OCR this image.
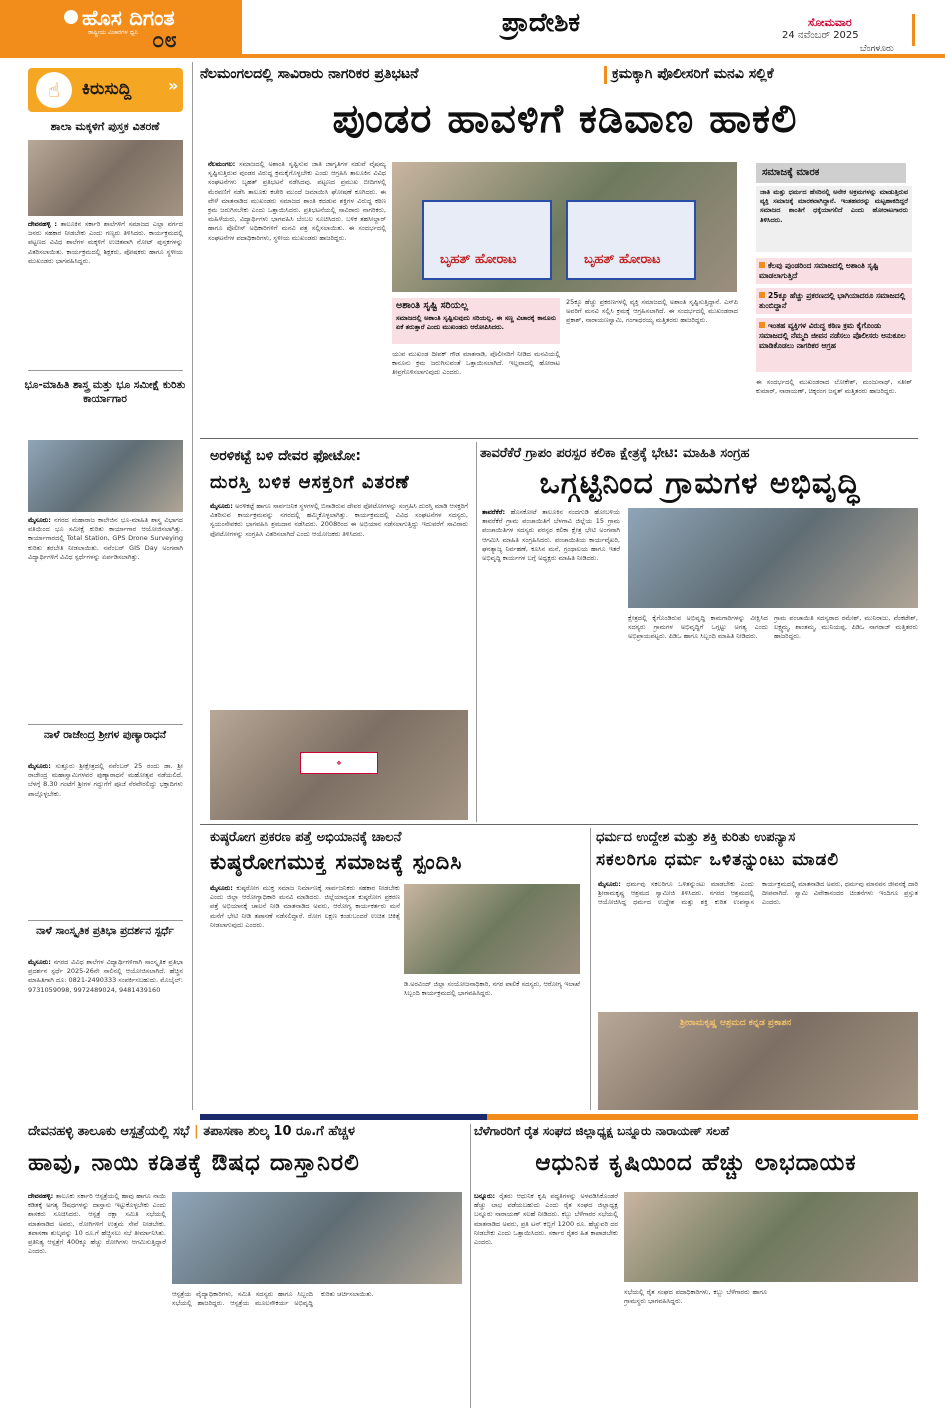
ಹೊಸ ದಿಗಂತ
ರಾಷ್ಟ್ರೀಯ ವಿಚಾರಗಳ ಧ್ವನಿ ೦೮
ಪ್ರಾದೇಶಿಕ	ಸೋಮವಾರ
24 ನವೆಂಬರ್ 2025
ಬೆಂಗಳೂರು
☝	ಕಿರುಸುದ್ದಿ »
ಶಾಲಾ ಮಕ್ಕಳಿಗೆ ಪುಸ್ತಕ ವಿತರಣೆ
ದೇವನಹಳ್ಳಿ : ತಾಲೂಕಿನ ಸರ್ಕಾರಿ ಶಾಲೆಗಳಿಗೆ ಸಮಾಜದ ಎಲ್ಲಾ ವರ್ಗದ ಜನರು ಸಹಕಾರ ನೀಡಬೇಕು ಎಂದು ಗಣ್ಯರು ತಿಳಿಸಿದರು. ಕಾರ್ಯಕ್ರಮದಲ್ಲಿ ಪಟ್ಟಣದ ವಿವಿಧ ಶಾಲೆಗಳ ಮಕ್ಕಳಿಗೆ ಉಚಿತವಾಗಿ ನೋಟ್ ಪುಸ್ತಕಗಳನ್ನು ವಿತರಿಸಲಾಯಿತು. ಕಾರ್ಯಕ್ರಮದಲ್ಲಿ ಶಿಕ್ಷಕರು, ಪೋಷಕರು ಹಾಗೂ ಸ್ಥಳೀಯ ಮುಖಂಡರು ಭಾಗವಹಿಸಿದ್ದರು.
ಭೂ-ಮಾಹಿತಿ ಶಾಸ್ತ್ರ ಮತ್ತು ಭೂ ಸಮೀಕ್ಷೆ ಕುರಿತು ಕಾರ್ಯಾಗಾರ
ಮೈಸೂರು: ನಗರದ ಮಹಾರಾಜ ಕಾಲೇಜಿನ ಭೂ-ಮಾಹಿತಿ ಶಾಸ್ತ್ರ ವಿಭಾಗದ ವತಿಯಿಂದ ಭೂ ಸಮೀಕ್ಷೆ ಕುರಿತು ಕಾರ್ಯಾಗಾರ ಆಯೋಜಿಸಲಾಗಿತ್ತು. ಕಾರ್ಯಾಗಾರದಲ್ಲಿ Total Station, GPS Drone Surveying ಕುರಿತು ತರಬೇತಿ ನೀಡಲಾಯಿತು. ನವೆಂಬರ್ GIS Day ಅಂಗವಾಗಿ ವಿದ್ಯಾರ್ಥಿಗಳಿಗೆ ವಿವಿಧ ಸ್ಪರ್ಧೆಗಳನ್ನು ಏರ್ಪಡಿಸಲಾಗಿತ್ತು.
ನಾಳೆ ರಾಜೇಂದ್ರ ಶ್ರೀಗಳ ಪುಣ್ಯಾರಾಧನೆ
ಮೈಸೂರು: ಸುತ್ತೂರು ಶ್ರೀಕ್ಷೇತ್ರದಲ್ಲಿ ನವೆಂಬರ್ 25 ರಂದು ಡಾ. ಶ್ರೀ ರಾಜೇಂದ್ರ ಮಹಾಸ್ವಾಮಿಗಳವರ ಪುಣ್ಯಾರಾಧನೆ ಮಹೋತ್ಸವ ನಡೆಯಲಿದೆ. ಬೆಳಗ್ಗೆ 8.30 ಗಂಟೆಗೆ ಶ್ರೀಗಳ ಗದ್ದುಗೆಗೆ ಪೂಜೆ ನೆರವೇರಲಿದ್ದು ಭಕ್ತಾದಿಗಳು ಪಾಲ್ಗೊಳ್ಳಬೇಕು.
ನಾಳೆ ಸಾಂಸ್ಕೃತಿಕ ಪ್ರತಿಭಾ ಪ್ರದರ್ಶನ ಸ್ಪರ್ಧೆ
ಮೈಸೂರು: ನಗರದ ವಿವಿಧ ಶಾಲೆಗಳ ವಿದ್ಯಾರ್ಥಿಗಳಿಗಾಗಿ ಸಾಂಸ್ಕೃತಿಕ ಪ್ರತಿಭಾ ಪ್ರದರ್ಶನ ಸ್ಪರ್ಧೆ 2025-26ನೇ ಸಾಲಿನಲ್ಲಿ ಆಯೋಜಿಸಲಾಗಿದೆ. ಹೆಚ್ಚಿನ ಮಾಹಿತಿಗಾಗಿ ದೂ: 0821-2490333 ಸಂಪರ್ಕಿಸಬಹುದು. ಮೊಬೈಲ್: 9731059098, 9972489024, 9481439160
ನೆಲಮಂಗಲದಲ್ಲಿ ಸಾವಿರಾರು ನಾಗರಿಕರ ಪ್ರತಿಭಟನೆ	ಕ್ರಮಕ್ಕಾಗಿ ಪೊಲೀಸರಿಗೆ ಮನವಿ ಸಲ್ಲಿಕೆ
ಪುಂಡರ ಹಾವಳಿಗೆ ಕಡಿವಾಣ ಹಾಕಲಿ
ನೆಲಮಂಗಲ: ಸಮಾಜದಲ್ಲಿ ಅಶಾಂತಿ ಸೃಷ್ಟಿಸುವ ಜಾತಿ ಜಾಗೃತಿಗಳ ನಡುವೆ ವೈಷಮ್ಯ ಸೃಷ್ಟಿಸುತ್ತಿರುವ ಪುಂಡರ ವಿರುದ್ಧ ಕ್ರಮಕೈಗೊಳ್ಳಬೇಕು ಎಂದು ಆಗ್ರಹಿಸಿ ತಾಲೂಕಿನ ವಿವಿಧ ಸಂಘಟನೆಗಳು ಬೃಹತ್ ಪ್ರತಿಭಟನೆ ನಡೆಸಿದವು. ಪಟ್ಟಣದ ಪ್ರಮುಖ ಬೀದಿಗಳಲ್ಲಿ ಮೆರವಣಿಗೆ ನಡೆಸಿ ತಾಲೂಕು ಕಚೇರಿ ಮುಂದೆ ಜಮಾಯಿಸಿ ಘೋಷಣೆ ಕೂಗಿದರು. ಈ ವೇಳೆ ಮಾತನಾಡಿದ ಮುಖಂಡರು ಸಮಾಜದ ಶಾಂತಿ ಕದಡುವ ಶಕ್ತಿಗಳ ವಿರುದ್ಧ ಕಠಿಣ ಕ್ರಮ ಜರುಗಿಸಬೇಕು ಎಂದು ಒತ್ತಾಯಿಸಿದರು. ಪ್ರತಿಭಟನೆಯಲ್ಲಿ ಸಾವಿರಾರು ನಾಗರಿಕರು, ಮಹಿಳೆಯರು, ವಿದ್ಯಾರ್ಥಿಗಳು ಭಾಗವಹಿಸಿ ಬೆಂಬಲ ಸೂಚಿಸಿದರು. ಬಳಿಕ ತಹಸೀಲ್ದಾರ್ ಹಾಗೂ ಪೊಲೀಸ್ ಅಧಿಕಾರಿಗಳಿಗೆ ಮನವಿ ಪತ್ರ ಸಲ್ಲಿಸಲಾಯಿತು. ಈ ಸಂದರ್ಭದಲ್ಲಿ ಸಂಘಟನೆಗಳ ಪದಾಧಿಕಾರಿಗಳು, ಸ್ಥಳೀಯ ಮುಖಂಡರು ಹಾಜರಿದ್ದರು.
ಬೃಹತ್ ಹೋರಾಟ	ಬೃಹತ್ ಹೋರಾಟ
ಅಶಾಂತಿ ಸೃಷ್ಟಿ ಸರಿಯಲ್ಲ
ಸಮಾಜದಲ್ಲಿ ಅಶಾಂತಿ ಸೃಷ್ಟಿಸುವುದು ಸರಿಯಲ್ಲ. ಈ ಸಣ್ಣ ವಿಚಾರಕ್ಕೆ ಕಾನೂನು ಏಕೆ ತರುತ್ತಾರೆ ಎಂದು ಮುಖಂಡರು ಆರೋಪಿಸಿದರು.
ಯುವ ಮುಖಂಡ ದೀಪಕ್ ಗೌಡ ಮಾತನಾಡಿ, ಪೊಲೀಸರಿಗೆ ನೀಡಿದ ಮನವಿಯಲ್ಲಿ ಕಾನೂನು ಕ್ರಮ ಜರುಗಿಸುವಂತೆ ಒತ್ತಾಯಿಸಲಾಗಿದೆ. ಇಲ್ಲವಾದಲ್ಲಿ ಹೋರಾಟ ತೀವ್ರಗೊಳಿಸಲಾಗುವುದು ಎಂದರು.
25ಕ್ಕೂ ಹೆಚ್ಚು ಪ್ರಕರಣಗಳಲ್ಲಿ ವ್ಯಕ್ತಿ ಸಮಾಜದಲ್ಲಿ ಅಶಾಂತಿ ಸೃಷ್ಟಿಸುತ್ತಿದ್ದಾನೆ. ಎಸ್‌ಪಿ ಅವರಿಗೆ ಮನವಿ ಸಲ್ಲಿಸಿ ಕ್ರಮಕ್ಕೆ ಆಗ್ರಹಿಸಲಾಗಿದೆ. ಈ ಸಂದರ್ಭದಲ್ಲಿ ಮುಖಂಡರಾದ ಪ್ರಕಾಶ್, ನಾರಾಯಣಸ್ವಾಮಿ, ಗಂಗಾಧರಯ್ಯ ಮತ್ತಿತರರು ಹಾಜರಿದ್ದರು.
ಸಮಾಜಕ್ಕೆ ಮಾರಕ
ಜಾತಿ ಮತ್ತು ಧರ್ಮದ ಹೆಸರಿನಲ್ಲಿ ಅನೇಕ ಅಕ್ರಮಗಳನ್ನು ಮಾಡುತ್ತಿರುವ ವ್ಯಕ್ತಿ ಸಮಾಜಕ್ಕೆ ಮಾರಕವಾಗಿದ್ದಾನೆ. ಇಂತಹವರನ್ನು ಮಟ್ಟಹಾಕದಿದ್ದರೆ ಸಮಾಜದ ಶಾಂತಿಗೆ ಧಕ್ಕೆಯಾಗಲಿದೆ ಎಂದು ಹೋರಾಟಗಾರರು ತಿಳಿಸಿದರು.
ಕೆಲವು ಪುಂಡರಿಂದ ಸಮಾಜದಲ್ಲಿ ಅಶಾಂತಿ ಸೃಷ್ಟಿ ಮಾಡಲಾಗುತ್ತಿದೆ
25ಕ್ಕೂ ಹೆಚ್ಚು ಪ್ರಕರಣದಲ್ಲಿ ಭಾಗಿಯಾದರೂ ಸಮಾಜದಲ್ಲಿ ತುಂಬಿದ್ದಾನೆ
ಇಂತಹ ವ್ಯಕ್ತಿಗಳ ವಿರುದ್ಧ ಕಠಿಣ ಕ್ರಮ ಕೈಗೊಂಡು ಸಮಾಜದಲ್ಲಿ ನೆಮ್ಮದಿ ಜೀವನ ನಡೆಸಲು ಪೊಲೀಸರು ಅನುಕೂಲ ಮಾಡಿಕೊಡಲು ನಾಗರಿಕರ ಆಗ್ರಹ
ಈ ಸಂದರ್ಭದಲ್ಲಿ ಮುಖಂಡರಾದ ಲೋಕೇಶ್, ಮಂಜುನಾಥ್, ಸತೀಶ್ ಕುಮಾರ್, ನಾರಾಯಣ್, ಚಿಕ್ಕರಂಗ ಜನ್ನತ್ ಮತ್ತಿತರರು ಹಾಜರಿದ್ದರು.
ಅರಳಿಕಟ್ಟೆ ಬಳಿ ದೇವರ ಫೋಟೋ:
ದುರಸ್ತಿ ಬಳಿಕ ಆಸಕ್ತರಿಗೆ ವಿತರಣೆ
ಮೈಸೂರು: ಅರಳಿಕಟ್ಟೆ ಹಾಗೂ ಸಾರ್ವಜನಿಕ ಸ್ಥಳಗಳಲ್ಲಿ ಬಿಸಾಡಿರುವ ದೇವರ ಫೋಟೋಗಳನ್ನು ಸಂಗ್ರಹಿಸಿ ದುರಸ್ತಿ ಮಾಡಿ ಆಸಕ್ತರಿಗೆ ವಿತರಿಸುವ ಕಾರ್ಯಕ್ರಮವನ್ನು ನಗರದಲ್ಲಿ ಹಮ್ಮಿಕೊಳ್ಳಲಾಗಿತ್ತು. ಕಾರ್ಯಕ್ರಮದಲ್ಲಿ ವಿವಿಧ ಸಂಘಟನೆಗಳ ಸದಸ್ಯರು, ಸ್ವಯಂಸೇವಕರು ಭಾಗವಹಿಸಿ ಶ್ರಮದಾನ ನಡೆಸಿದರು. 2008ರಿಂದ ಈ ಅಭಿಯಾನ ನಡೆಸಲಾಗುತ್ತಿದ್ದು ಇದುವರೆಗೆ ಸಾವಿರಾರು ಫೋಟೋಗಳನ್ನು ಸಂಗ್ರಹಿಸಿ ವಿತರಿಸಲಾಗಿದೆ ಎಂದು ಆಯೋಜಕರು ತಿಳಿಸಿದರು.
❖
ತಾವರೆಕೆರೆ ಗ್ರಾಪಂ ಪರಸ್ಪರ ಕಲಿಕಾ ಕ್ಷೇತ್ರಕ್ಕೆ ಭೇಟಿ: ಮಾಹಿತಿ ಸಂಗ್ರಹ
ಒಗ್ಗಟ್ಟಿನಿಂದ ಗ್ರಾಮಗಳ ಅಭಿವೃದ್ಧಿ
ತಾವರೆಕೆರೆ: ಹೊಸಕೋಟೆ ತಾಲೂಕಿನ ನಂದಗುಡಿ ಹೋಬಳಿಯ ತಾವರೆಕೆರೆ ಗ್ರಾಮ ಪಂಚಾಯಿತಿಗೆ ಬೆಳಗಾವಿ ಜಿಲ್ಲೆಯ 15 ಗ್ರಾಮ ಪಂಚಾಯಿತಿಗಳ ಸದಸ್ಯರು ಪರಸ್ಪರ ಕಲಿಕಾ ಕ್ಷೇತ್ರ ಭೇಟಿ ಅಂಗವಾಗಿ ಆಗಮಿಸಿ ಮಾಹಿತಿ ಸಂಗ್ರಹಿಸಿದರು. ಪಂಚಾಯಿತಿಯ ಕಾರ್ಯವೈಖರಿ, ಘನತ್ಯಾಜ್ಯ ನಿರ್ವಹಣೆ, ಕೂಸಿನ ಮನೆ, ಗ್ರಂಥಾಲಯ ಹಾಗೂ ಇತರೆ ಅಭಿವೃದ್ಧಿ ಕಾರ್ಯಗಳ ಬಗ್ಗೆ ಅಧ್ಯಕ್ಷರು ಮಾಹಿತಿ ನೀಡಿದರು.
ಕ್ಷೇತ್ರದಲ್ಲಿ ಕೈಗೊಂಡಿರುವ ಅಭಿವೃದ್ಧಿ ಕಾಮಗಾರಿಗಳನ್ನು ವೀಕ್ಷಿಸಿದ ಸದಸ್ಯರು ಗ್ರಾಮಗಳ ಅಭಿವೃದ್ಧಿಗೆ ಒಗ್ಗಟ್ಟು ಅಗತ್ಯ ಎಂದು ಅಭಿಪ್ರಾಯಪಟ್ಟರು. ಪಿಡಿಒ ಹಾಗೂ ಸಿಬ್ಬಂದಿ ಮಾಹಿತಿ ನೀಡಿದರು.
ಗ್ರಾಮ ಪಂಚಾಯಿತಿ ಸದಸ್ಯರಾದ ರಮೇಶ್, ಮುನಿರಾಜು, ವೆಂಕಟೇಶ್, ಲಕ್ಷ್ಮಮ್ಮ, ಶಾಂತಮ್ಮ, ಮುನಿಯಪ್ಪ, ಪಿಡಿಒ ನಾಗರಾಜ್ ಮತ್ತಿತರರು ಹಾಜರಿದ್ದರು.
ಕುಷ್ಠರೋಗ ಪ್ರಕರಣ ಪತ್ತೆ ಅಭಿಯಾನಕ್ಕೆ ಚಾಲನೆ
ಕುಷ್ಠರೋಗಮುಕ್ತ ಸಮಾಜಕ್ಕೆ ಸ್ಪಂದಿಸಿ
ಮೈಸೂರು: ಕುಷ್ಠರೋಗ ಮುಕ್ತ ಸಮಾಜ ನಿರ್ಮಾಣಕ್ಕೆ ಸಾರ್ವಜನಿಕರು ಸಹಕಾರ ನೀಡಬೇಕು ಎಂದು ಜಿಲ್ಲಾ ಆರೋಗ್ಯಾಧಿಕಾರಿ ಮನವಿ ಮಾಡಿದರು. ಜಿಲ್ಲೆಯಾದ್ಯಂತ ಕುಷ್ಠರೋಗ ಪ್ರಕರಣ ಪತ್ತೆ ಅಭಿಯಾನಕ್ಕೆ ಚಾಲನೆ ನೀಡಿ ಮಾತನಾಡಿದ ಅವರು, ಆರೋಗ್ಯ ಕಾರ್ಯಕರ್ತರು ಮನೆ ಮನೆಗೆ ಭೇಟಿ ನೀಡಿ ತಪಾಸಣೆ ನಡೆಸಲಿದ್ದಾರೆ. ರೋಗ ಲಕ್ಷಣ ಕಂಡುಬಂದರೆ ಉಚಿತ ಚಿಕಿತ್ಸೆ ನೀಡಲಾಗುವುದು ಎಂದರು.
ಡಿ.ಅರವಿಂದ್ ಜಿಲ್ಲಾ ಸಂಯೋಜನಾಧಿಕಾರಿ, ನಗರ ಪಾಲಿಕೆ ಸದಸ್ಯರು, ಆರೋಗ್ಯ ಇಲಾಖೆ ಸಿಬ್ಬಂದಿ ಕಾರ್ಯಕ್ರಮದಲ್ಲಿ ಭಾಗವಹಿಸಿದ್ದರು.
ಧರ್ಮದ ಉದ್ದೇಶ ಮತ್ತು ಶಕ್ತಿ ಕುರಿತು ಉಪನ್ಯಾಸ
ಸಕಲರಿಗೂ ಧರ್ಮ ಒಳಿತನ್ನುಂಟು ಮಾಡಲಿ
ಮೈಸೂರು: ಧರ್ಮವು ಸಕಲರಿಗೂ ಒಳಿತನ್ನುಂಟು ಮಾಡಬೇಕು ಎಂದು ಶ್ರೀರಾಮಕೃಷ್ಣ ಆಶ್ರಮದ ಸ್ವಾಮೀಜಿ ತಿಳಿಸಿದರು. ನಗರದ ಆಶ್ರಮದಲ್ಲಿ ಆಯೋಜಿಸಿದ್ದ ಧರ್ಮದ ಉದ್ದೇಶ ಮತ್ತು ಶಕ್ತಿ ಕುರಿತ ಉಪನ್ಯಾಸ ಕಾರ್ಯಕ್ರಮದಲ್ಲಿ ಮಾತನಾಡಿದ ಅವರು, ಧರ್ಮವು ಮಾನವನ ಜೀವನಕ್ಕೆ ದಾರಿ ದೀಪವಾಗಿದೆ. ಸ್ವಾಮಿ ವಿವೇಕಾನಂದರ ಚಿಂತನೆಗಳು ಇಂದಿಗೂ ಪ್ರಸ್ತುತ ಎಂದರು.
ಶ್ರೀರಾಮಕೃಷ್ಣ ಆಶ್ರಮದ ಕನ್ನಡ ಪ್ರಕಾಶನ
ದೇವನಹಳ್ಳಿ ತಾಲೂಕು ಆಸ್ಪತ್ರೆಯಲ್ಲಿ ಸಭೆ | ತಪಾಸಣಾ ಶುಲ್ಕ 10 ರೂ.ಗೆ ಹೆಚ್ಚಳ
ಹಾವು, ನಾಯಿ ಕಡಿತಕ್ಕೆ ಔಷಧ ದಾಸ್ತಾನಿರಲಿ
ದೇವನಹಳ್ಳಿ: ತಾಲೂಕು ಸರ್ಕಾರಿ ಆಸ್ಪತ್ರೆಯಲ್ಲಿ ಹಾವು ಹಾಗೂ ನಾಯಿ ಕಡಿತಕ್ಕೆ ಅಗತ್ಯ ಔಷಧಗಳನ್ನು ದಾಸ್ತಾನು ಇಟ್ಟುಕೊಳ್ಳಬೇಕು ಎಂದು ಶಾಸಕರು ಸೂಚಿಸಿದರು. ಆಸ್ಪತ್ರೆ ರಕ್ಷಾ ಸಮಿತಿ ಸಭೆಯಲ್ಲಿ ಮಾತನಾಡಿದ ಅವರು, ರೋಗಿಗಳಿಗೆ ಉತ್ತಮ ಸೇವೆ ನೀಡಬೇಕು. ತಪಾಸಣಾ ಶುಲ್ಕವನ್ನು 10 ರೂ.ಗೆ ಹೆಚ್ಚಿಸಲು ಸಭೆ ತೀರ್ಮಾನಿಸಿತು. ಪ್ರತಿನಿತ್ಯ ಆಸ್ಪತ್ರೆಗೆ 400ಕ್ಕೂ ಹೆಚ್ಚು ರೋಗಿಗಳು ಆಗಮಿಸುತ್ತಿದ್ದಾರೆ ಎಂದರು.
ಆಸ್ಪತ್ರೆಯ ವೈದ್ಯಾಧಿಕಾರಿಗಳು, ಸಮಿತಿ ಸದಸ್ಯರು ಹಾಗೂ ಸಿಬ್ಬಂದಿ ಸಭೆಯಲ್ಲಿ ಹಾಜರಿದ್ದರು. ಆಸ್ಪತ್ರೆಯ ಮೂಲಸೌಕರ್ಯ ಅಭಿವೃದ್ಧಿ ಕುರಿತು ಚರ್ಚಿಸಲಾಯಿತು.
ಬೆಳೆಗಾರರಿಗೆ ರೈತ ಸಂಘದ ಜಿಲ್ಲಾಧ್ಯಕ್ಷ ಬನ್ನೂರು ನಾರಾಯಣ್ ಸಲಹೆ
ಆಧುನಿಕ ಕೃಷಿಯಿಂದ ಹೆಚ್ಚು ಲಾಭದಾಯಕ
ಬನ್ನೂರು: ರೈತರು ಆಧುನಿಕ ಕೃಷಿ ಪದ್ಧತಿಗಳನ್ನು ಅಳವಡಿಸಿಕೊಂಡರೆ ಹೆಚ್ಚು ಲಾಭ ಪಡೆಯಬಹುದು ಎಂದು ರೈತ ಸಂಘದ ಜಿಲ್ಲಾಧ್ಯಕ್ಷ ಬನ್ನೂರು ನಾರಾಯಣ್ ಸಲಹೆ ನೀಡಿದರು. ಕಬ್ಬು ಬೆಳೆಗಾರರ ಸಭೆಯಲ್ಲಿ ಮಾತನಾಡಿದ ಅವರು, ಪ್ರತಿ ಟನ್ ಕಬ್ಬಿಗೆ 1200 ರೂ. ಹೆಚ್ಚುವರಿ ದರ ನೀಡಬೇಕು ಎಂದು ಒತ್ತಾಯಿಸಿದರು. ಸರ್ಕಾರ ರೈತರ ಹಿತ ಕಾಪಾಡಬೇಕು ಎಂದರು.
ಸಭೆಯಲ್ಲಿ ರೈತ ಸಂಘದ ಪದಾಧಿಕಾರಿಗಳು, ಕಬ್ಬು ಬೆಳೆಗಾರರು ಹಾಗೂ ಗ್ರಾಮಸ್ಥರು ಭಾಗವಹಿಸಿದ್ದರು.
